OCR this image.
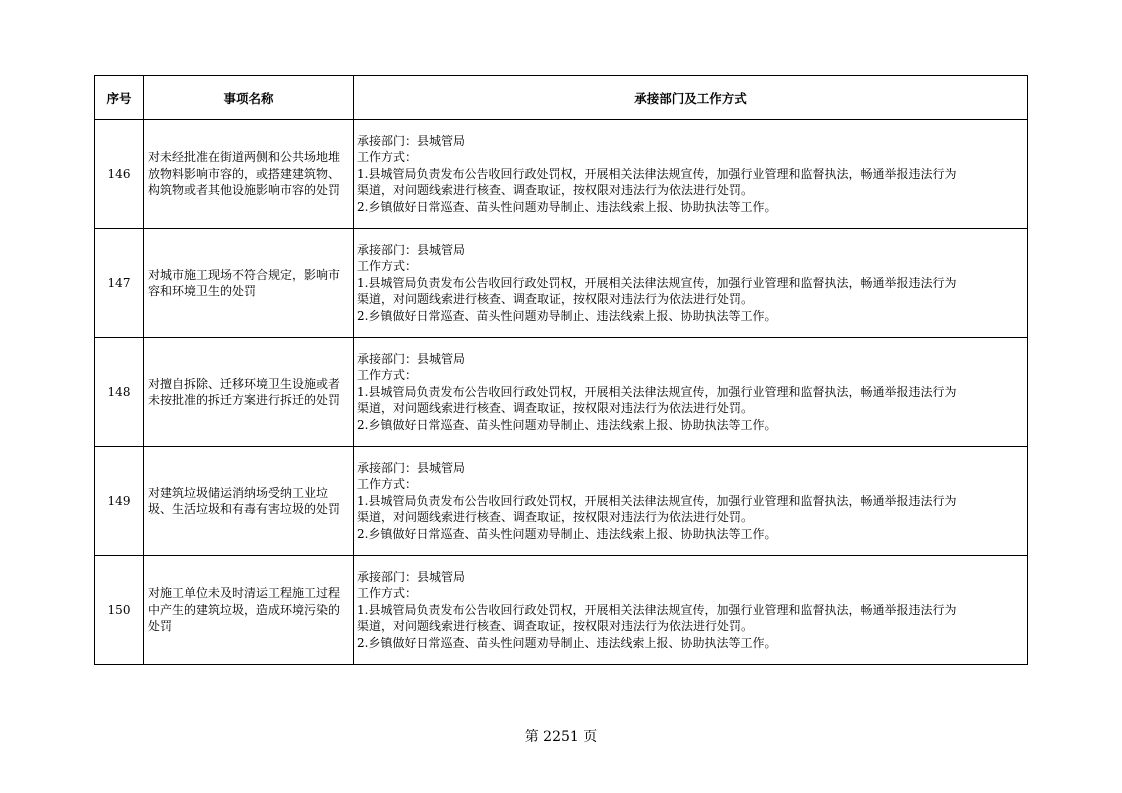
序号	事项名称	承接部门及工作方式
146	对未经批准在街道两侧和公共场地堆放物料影响市容的，或搭建建筑物、构筑物或者其他设施影响市容的处罚	承接部门：县城管局
工作方式：
1.县城管局负责发布公告收回行政处罚权，开展相关法律法规宣传，加强行业管理和监督执法，畅通举报违法行为
渠道，对问题线索进行核查、调查取证，按权限对违法行为依法进行处罚。
2.乡镇做好日常巡查、苗头性问题劝导制止、违法线索上报、协助执法等工作。

147	对城市施工现场不符合规定，影响市容和环境卫生的处罚	承接部门：县城管局
工作方式：
1.县城管局负责发布公告收回行政处罚权，开展相关法律法规宣传，加强行业管理和监督执法，畅通举报违法行为
渠道，对问题线索进行核查、调查取证，按权限对违法行为依法进行处罚。
2.乡镇做好日常巡查、苗头性问题劝导制止、违法线索上报、协助执法等工作。

148	对擅自拆除、迁移环境卫生设施或者未按批准的拆迁方案进行拆迁的处罚	承接部门：县城管局
工作方式：
1.县城管局负责发布公告收回行政处罚权，开展相关法律法规宣传，加强行业管理和监督执法，畅通举报违法行为
渠道，对问题线索进行核查、调查取证，按权限对违法行为依法进行处罚。
2.乡镇做好日常巡查、苗头性问题劝导制止、违法线索上报、协助执法等工作。

149	对建筑垃圾储运消纳场受纳工业垃圾、生活垃圾和有毒有害垃圾的处罚	承接部门：县城管局
工作方式：
1.县城管局负责发布公告收回行政处罚权，开展相关法律法规宣传，加强行业管理和监督执法，畅通举报违法行为
渠道，对问题线索进行核查、调查取证，按权限对违法行为依法进行处罚。
2.乡镇做好日常巡查、苗头性问题劝导制止、违法线索上报、协助执法等工作。

150	对施工单位未及时清运工程施工过程中产生的建筑垃圾，造成环境污染的处罚	承接部门：县城管局
工作方式：
1.县城管局负责发布公告收回行政处罚权，开展相关法律法规宣传，加强行业管理和监督执法，畅通举报违法行为
渠道，对问题线索进行核查、调查取证，按权限对违法行为依法进行处罚。
2.乡镇做好日常巡查、苗头性问题劝导制止、违法线索上报、协助执法等工作。
第 2251 页
